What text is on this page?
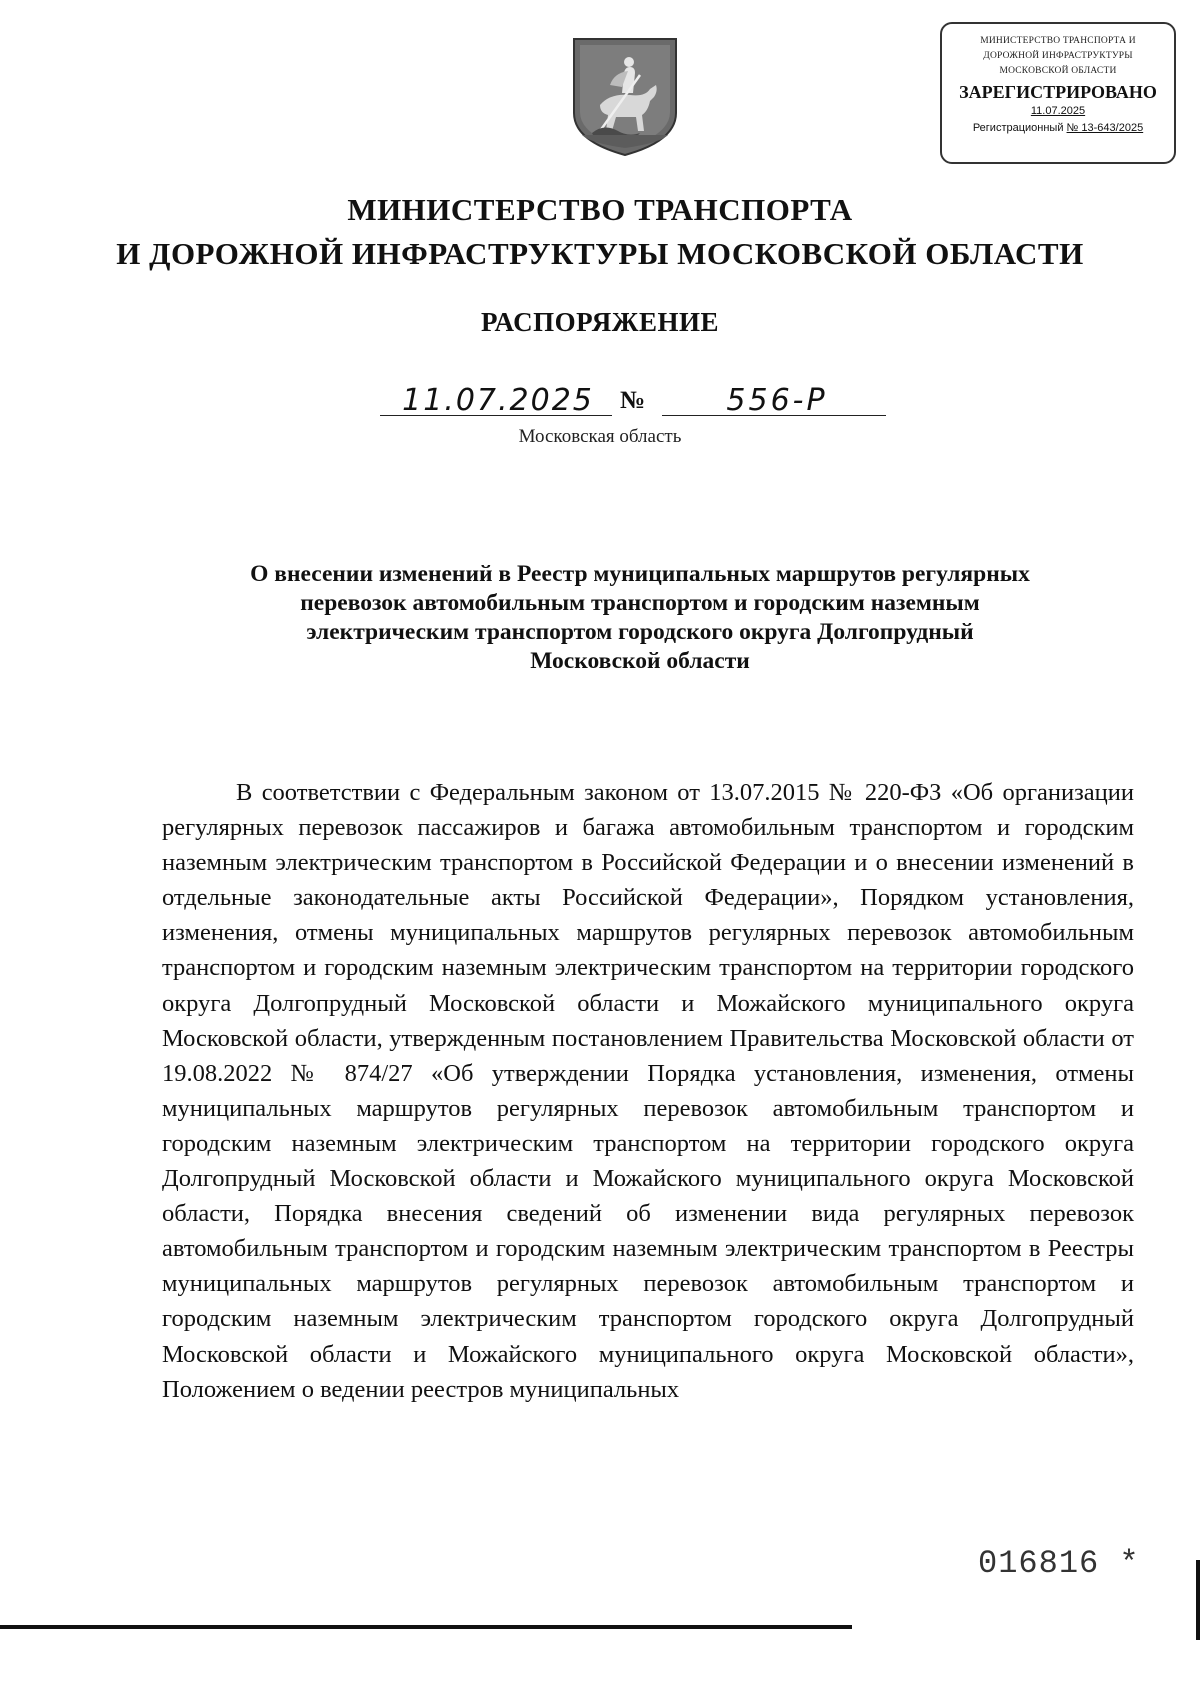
МИНИСТЕРСТВО ТРАНСПОРТА И
ДОРОЖНОЙ ИНФРАСТРУКТУРЫ
МОСКОВСКОЙ ОБЛАСТИ
ЗАРЕГИСТРИРОВАНО
11.07.2025
Регистрационный № 13-643/2025
МИНИСТЕРСТВО ТРАНСПОРТА
И ДОРОЖНОЙ ИНФРАСТРУКТУРЫ МОСКОВСКОЙ ОБЛАСТИ
РАСПОРЯЖЕНИЕ
11.07.2025	№	556-Р
Московская область
О внесении изменений в Реестр муниципальных маршрутов регулярных
перевозок автомобильным транспортом и городским наземным
электрическим транспортом городского округа Долгопрудный
Московской области

В соответствии с Федеральным законом от 13.07.2015 № 220-ФЗ «Об организации регулярных перевозок пассажиров и багажа автомобильным транспортом и городским наземным электрическим транспортом в Российской Федерации и о внесении изменений в отдельные законодательные акты Российской Федерации», Порядком установления, изменения, отмены муниципальных маршрутов регулярных перевозок автомобильным транспортом и городским наземным электрическим транспортом на территории городского округа Долгопрудный Московской области и Можайского муниципального округа Московской области, утвержденным постановлением Правительства Московской области от 19.08.2022 № 874/27 «Об утверждении Порядка установления, изменения, отмены муниципальных маршрутов регулярных перевозок автомобильным транспортом и городским наземным электрическим транспортом на территории городского округа Долгопрудный Московской области и Можайского муниципального округа Московской области, Порядка внесения сведений об изменении вида регулярных перевозок автомобильным транспортом и городским наземным электрическим транспортом в Реестры муниципальных маршрутов регулярных перевозок автомобильным транспортом и городским наземным электрическим транспортом городского округа Долгопрудный Московской области и Можайского муниципального округа Московской области», Положением о ведении реестров муниципальных

016816 *
